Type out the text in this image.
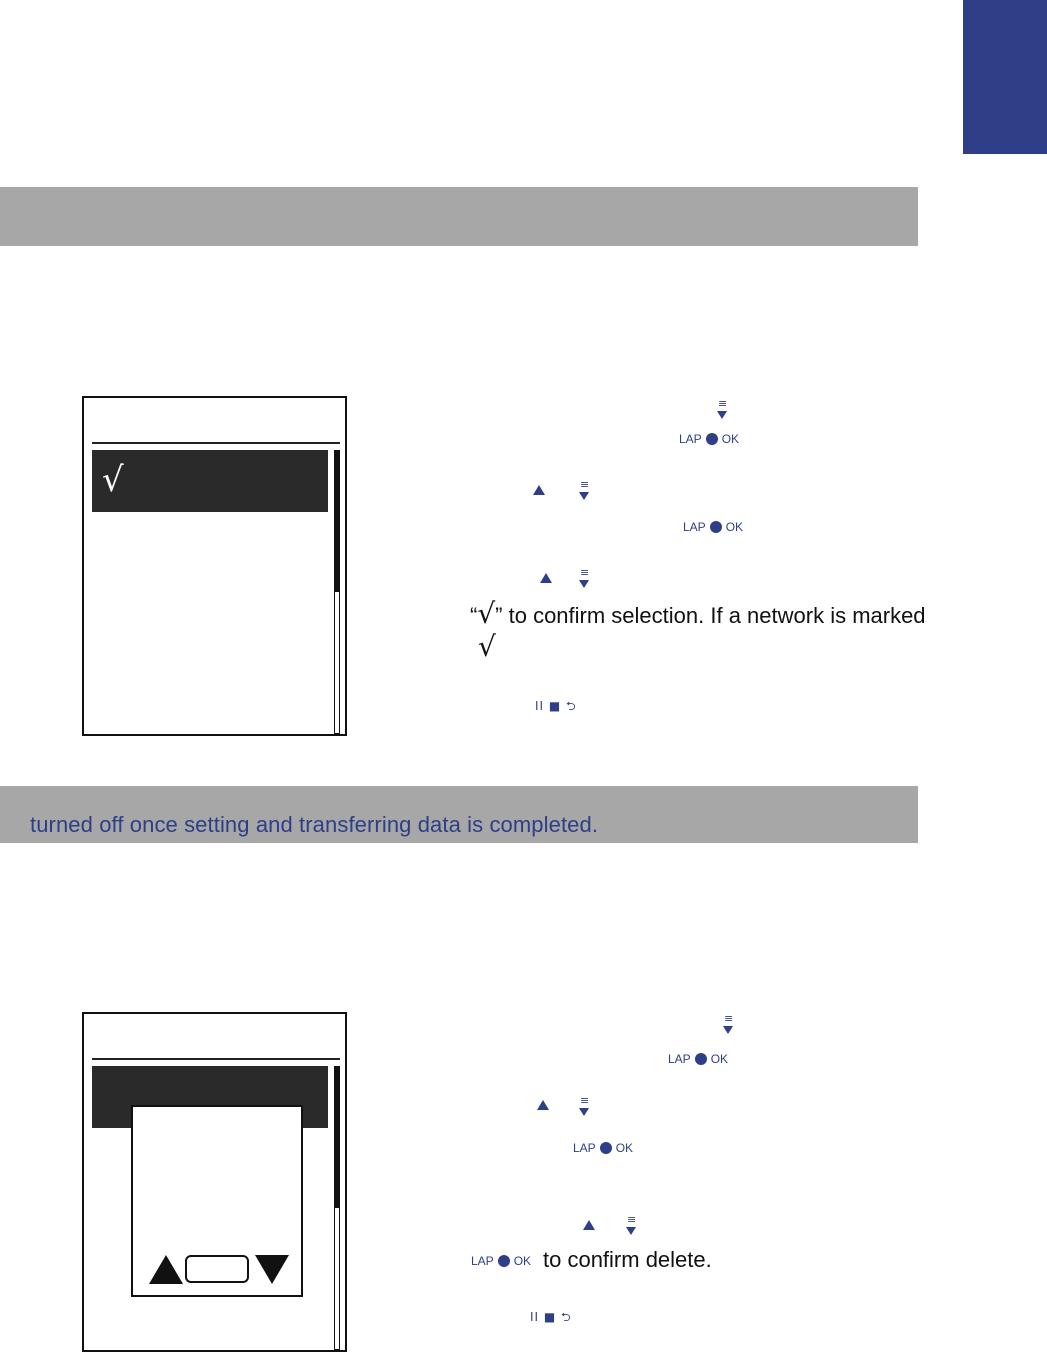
√
≡
LAP OK
≡
LAP OK
≡
“√” to confirm selection. If a network is marked
√
II ■ ⮌
turned off once setting and transferring data is completed.
≡
LAP OK
≡
LAP OK
≡
LAP OK to confirm delete.
II ■ ⮌
